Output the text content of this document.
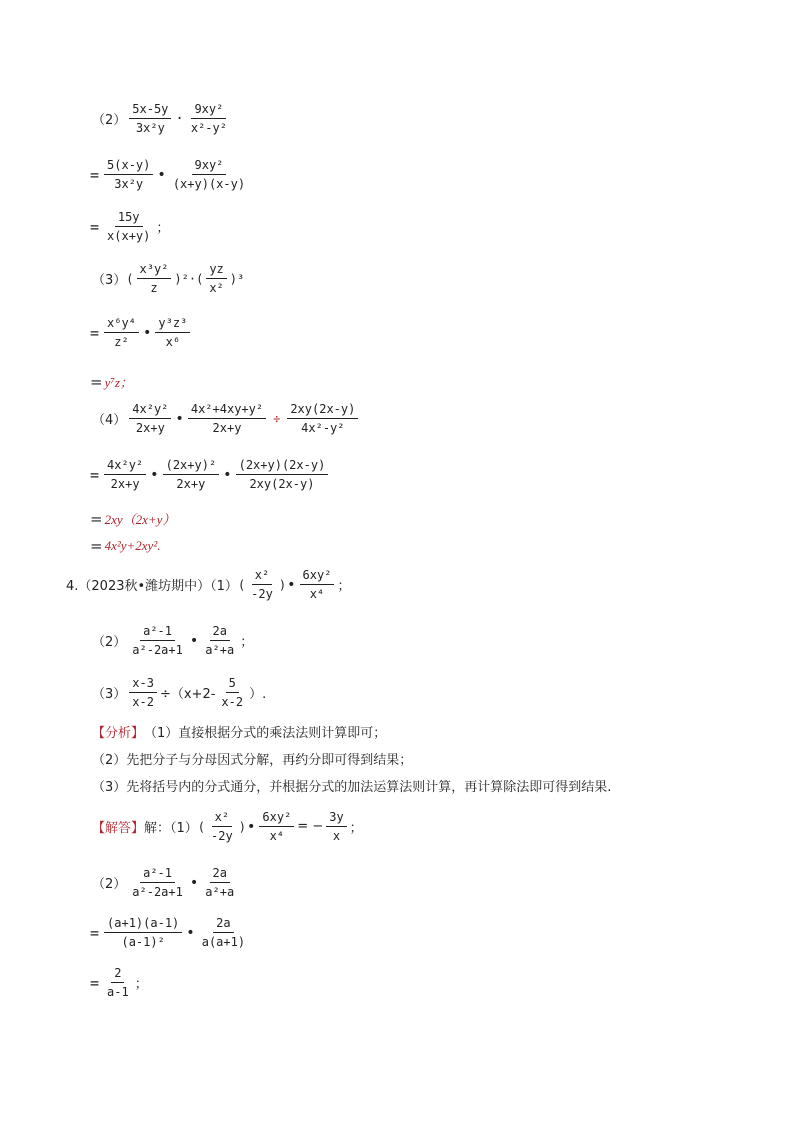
$(2) \frac{5x-5y}{\text{3x²y}} \cdot \frac{\text{9xy²}}{\text{x²-y²}}$
= $\frac{5(x-y)}{\text{3x²y}}$ • $\frac{\text{9xy²}}{(x+y)(x-y)}$
= $\frac{15y}{x(x+y)}$ ；
（3） ( $\frac{\text{x³y²}}{z} )^2\cdot( \frac{yz}{\text{x²}} )^3$
= $\frac{\text{x⁶y⁴}}{\text{z²}}$ • $\frac{\text{y³z³}}{\text{x⁶}}$
= y⁷z；
$(4) \frac{\text{4x²y²}}{2x+y}$ • $\frac{\text{4x²+4xy+y²}}{2x+y} \div \frac{2xy(2x-y)}{\text{4x²-y²}}$
= $\frac{\text{4x²y²}}{2x+y}$ • $\frac{\text{(2x+y)²}}{2x+y}$ • $\frac{(2x+y)(2x-y)}{2xy(2x-y)}$
= 2xy（2x+y）
= 4x²y+2xy².
4.（2023秋•潍坊期中）（1） ( $\frac{\text{x²}}{-2y}$ ) • $\frac{\text{6xy²}}{\text{x⁴}}$ ；
$(2) \frac{\text{a²-1}}{\text{a²-2a+1}}$ • $\frac{2a}{\text{a²+a}}$ ；
$(3) \frac{x-3}{x-2} \div(x+2- \frac{5}{x-2}$ ）.
【分析】 （1）直接根据分式的乘法法则计算即可；
（2）先把分子与分母因式分解，再约分即可得到结果；
（3）先将括号内的分式通分，并根据分式的加法运算法则计算，再计算除法即可得到结果.
【解答】 解：（1） ( $\frac{\text{x²}}{-2y}$ ) • $\frac{\text{6xy²}}{\text{x⁴}}$ = − $\frac{3y}{x}$ ；
$(2) \frac{\text{a²-1}}{\text{a²-2a+1}}$ • $\frac{2a}{\text{a²+a}}$
= $\frac{(a+1)(a-1)}{\text{(a-1)²}}$ • $\frac{2a}{a(a+1)}$
= $\frac{2}{a-1}$ ；
